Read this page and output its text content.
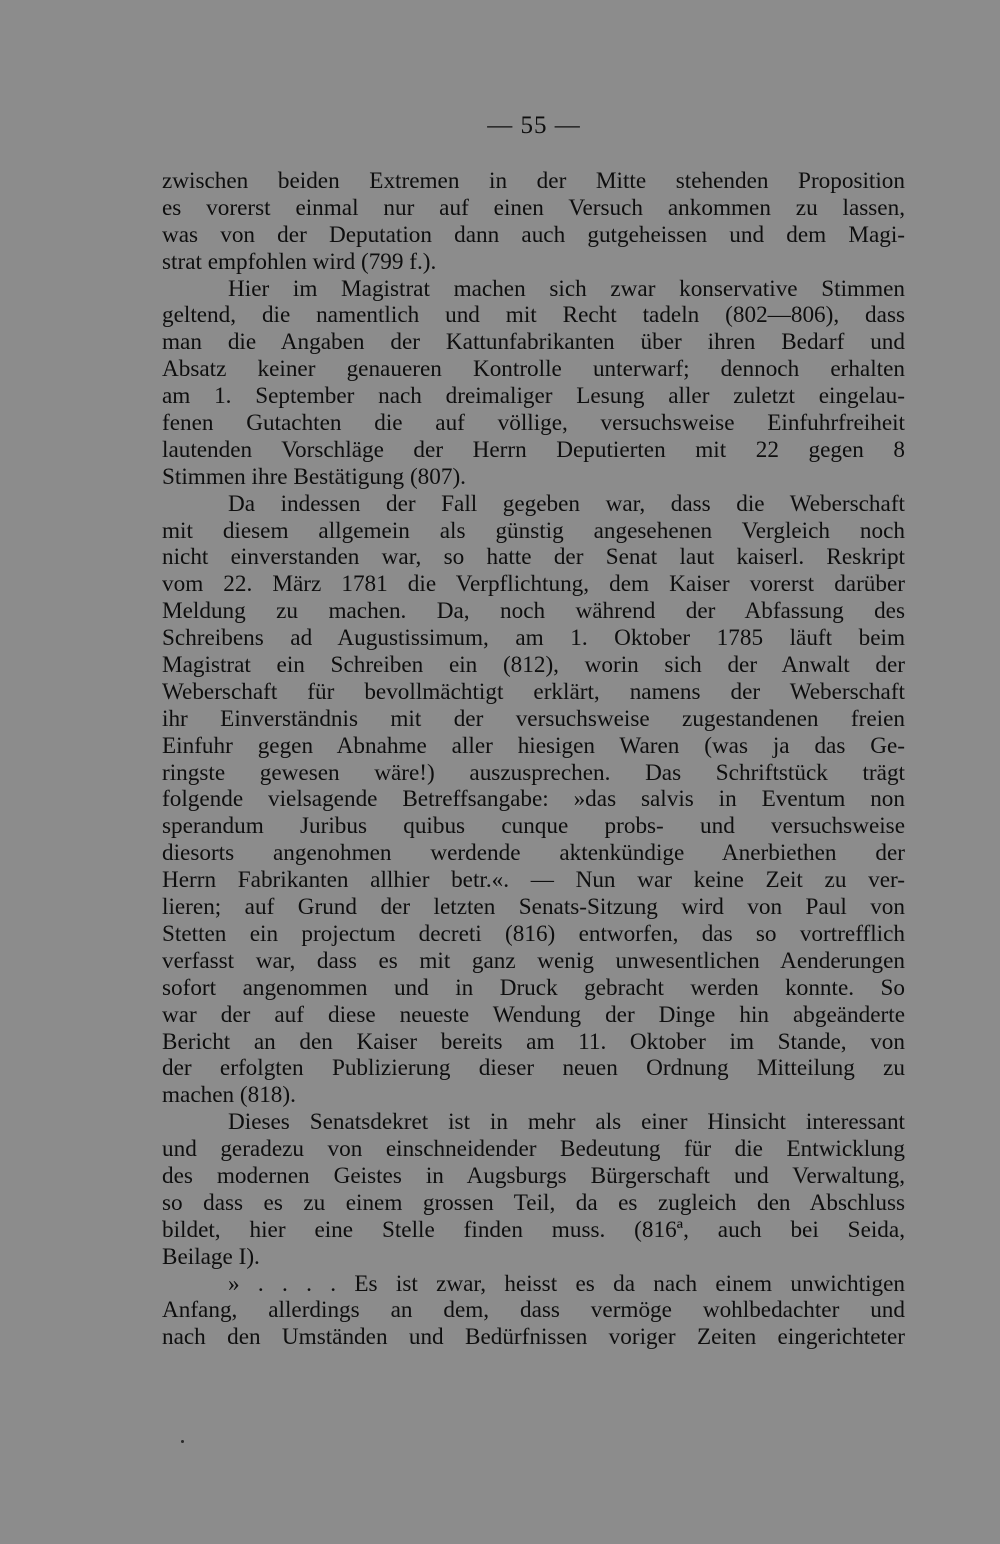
— 55 —
zwischen beiden Extremen in der Mitte stehenden Proposition
es vorerst einmal nur auf einen Versuch ankommen zu lassen,
was von der Deputation dann auch gutgeheissen und dem Magi-
strat empfohlen wird (799 f.).
Hier im Magistrat machen sich zwar konservative Stimmen
geltend, die namentlich und mit Recht tadeln (802—806), dass
man die Angaben der Kattunfabrikanten über ihren Bedarf und
Absatz keiner genaueren Kontrolle unterwarf; dennoch erhalten
am 1. September nach dreimaliger Lesung aller zuletzt eingelau-
fenen Gutachten die auf völlige, versuchsweise Einfuhrfreiheit
lautenden Vorschläge der Herrn Deputierten mit 22 gegen 8
Stimmen ihre Bestätigung (807).
Da indessen der Fall gegeben war, dass die Weberschaft
mit diesem allgemein als günstig angesehenen Vergleich noch
nicht einverstanden war, so hatte der Senat laut kaiserl. Reskript
vom 22. März 1781 die Verpflichtung, dem Kaiser vorerst darüber
Meldung zu machen. Da, noch während der Abfassung des
Schreibens ad Augustissimum, am 1. Oktober 1785 läuft beim
Magistrat ein Schreiben ein (812), worin sich der Anwalt der
Weberschaft für bevollmächtigt erklärt, namens der Weberschaft
ihr Einverständnis mit der versuchsweise zugestandenen freien
Einfuhr gegen Abnahme aller hiesigen Waren (was ja das Ge-
ringste gewesen wäre!) auszusprechen. Das Schriftstück trägt
folgende vielsagende Betreffsangabe: »das salvis in Eventum non
sperandum Juribus quibus cunque probs- und versuchsweise
diesorts angenohmen werdende aktenkündige Anerbiethen der
Herrn Fabrikanten allhier betr.«. — Nun war keine Zeit zu ver-
lieren; auf Grund der letzten Senats-Sitzung wird von Paul von
Stetten ein projectum decreti (816) entworfen, das so vortrefflich
verfasst war, dass es mit ganz wenig unwesentlichen Aenderungen
sofort angenommen und in Druck gebracht werden konnte. So
war der auf diese neueste Wendung der Dinge hin abgeänderte
Bericht an den Kaiser bereits am 11. Oktober im Stande, von
der erfolgten Publizierung dieser neuen Ordnung Mitteilung zu
machen (818).
Dieses Senatsdekret ist in mehr als einer Hinsicht interessant
und geradezu von einschneidender Bedeutung für die Entwicklung
des modernen Geistes in Augsburgs Bürgerschaft und Verwaltung,
so dass es zu einem grossen Teil, da es zugleich den Abschluss
bildet, hier eine Stelle finden muss. (816ª, auch bei Seida,
Beilage I).
» . . . . Es ist zwar, heisst es da nach einem unwichtigen
Anfang, allerdings an dem, dass vermöge wohlbedachter und
nach den Umständen und Bedürfnissen voriger Zeiten eingerichteter
